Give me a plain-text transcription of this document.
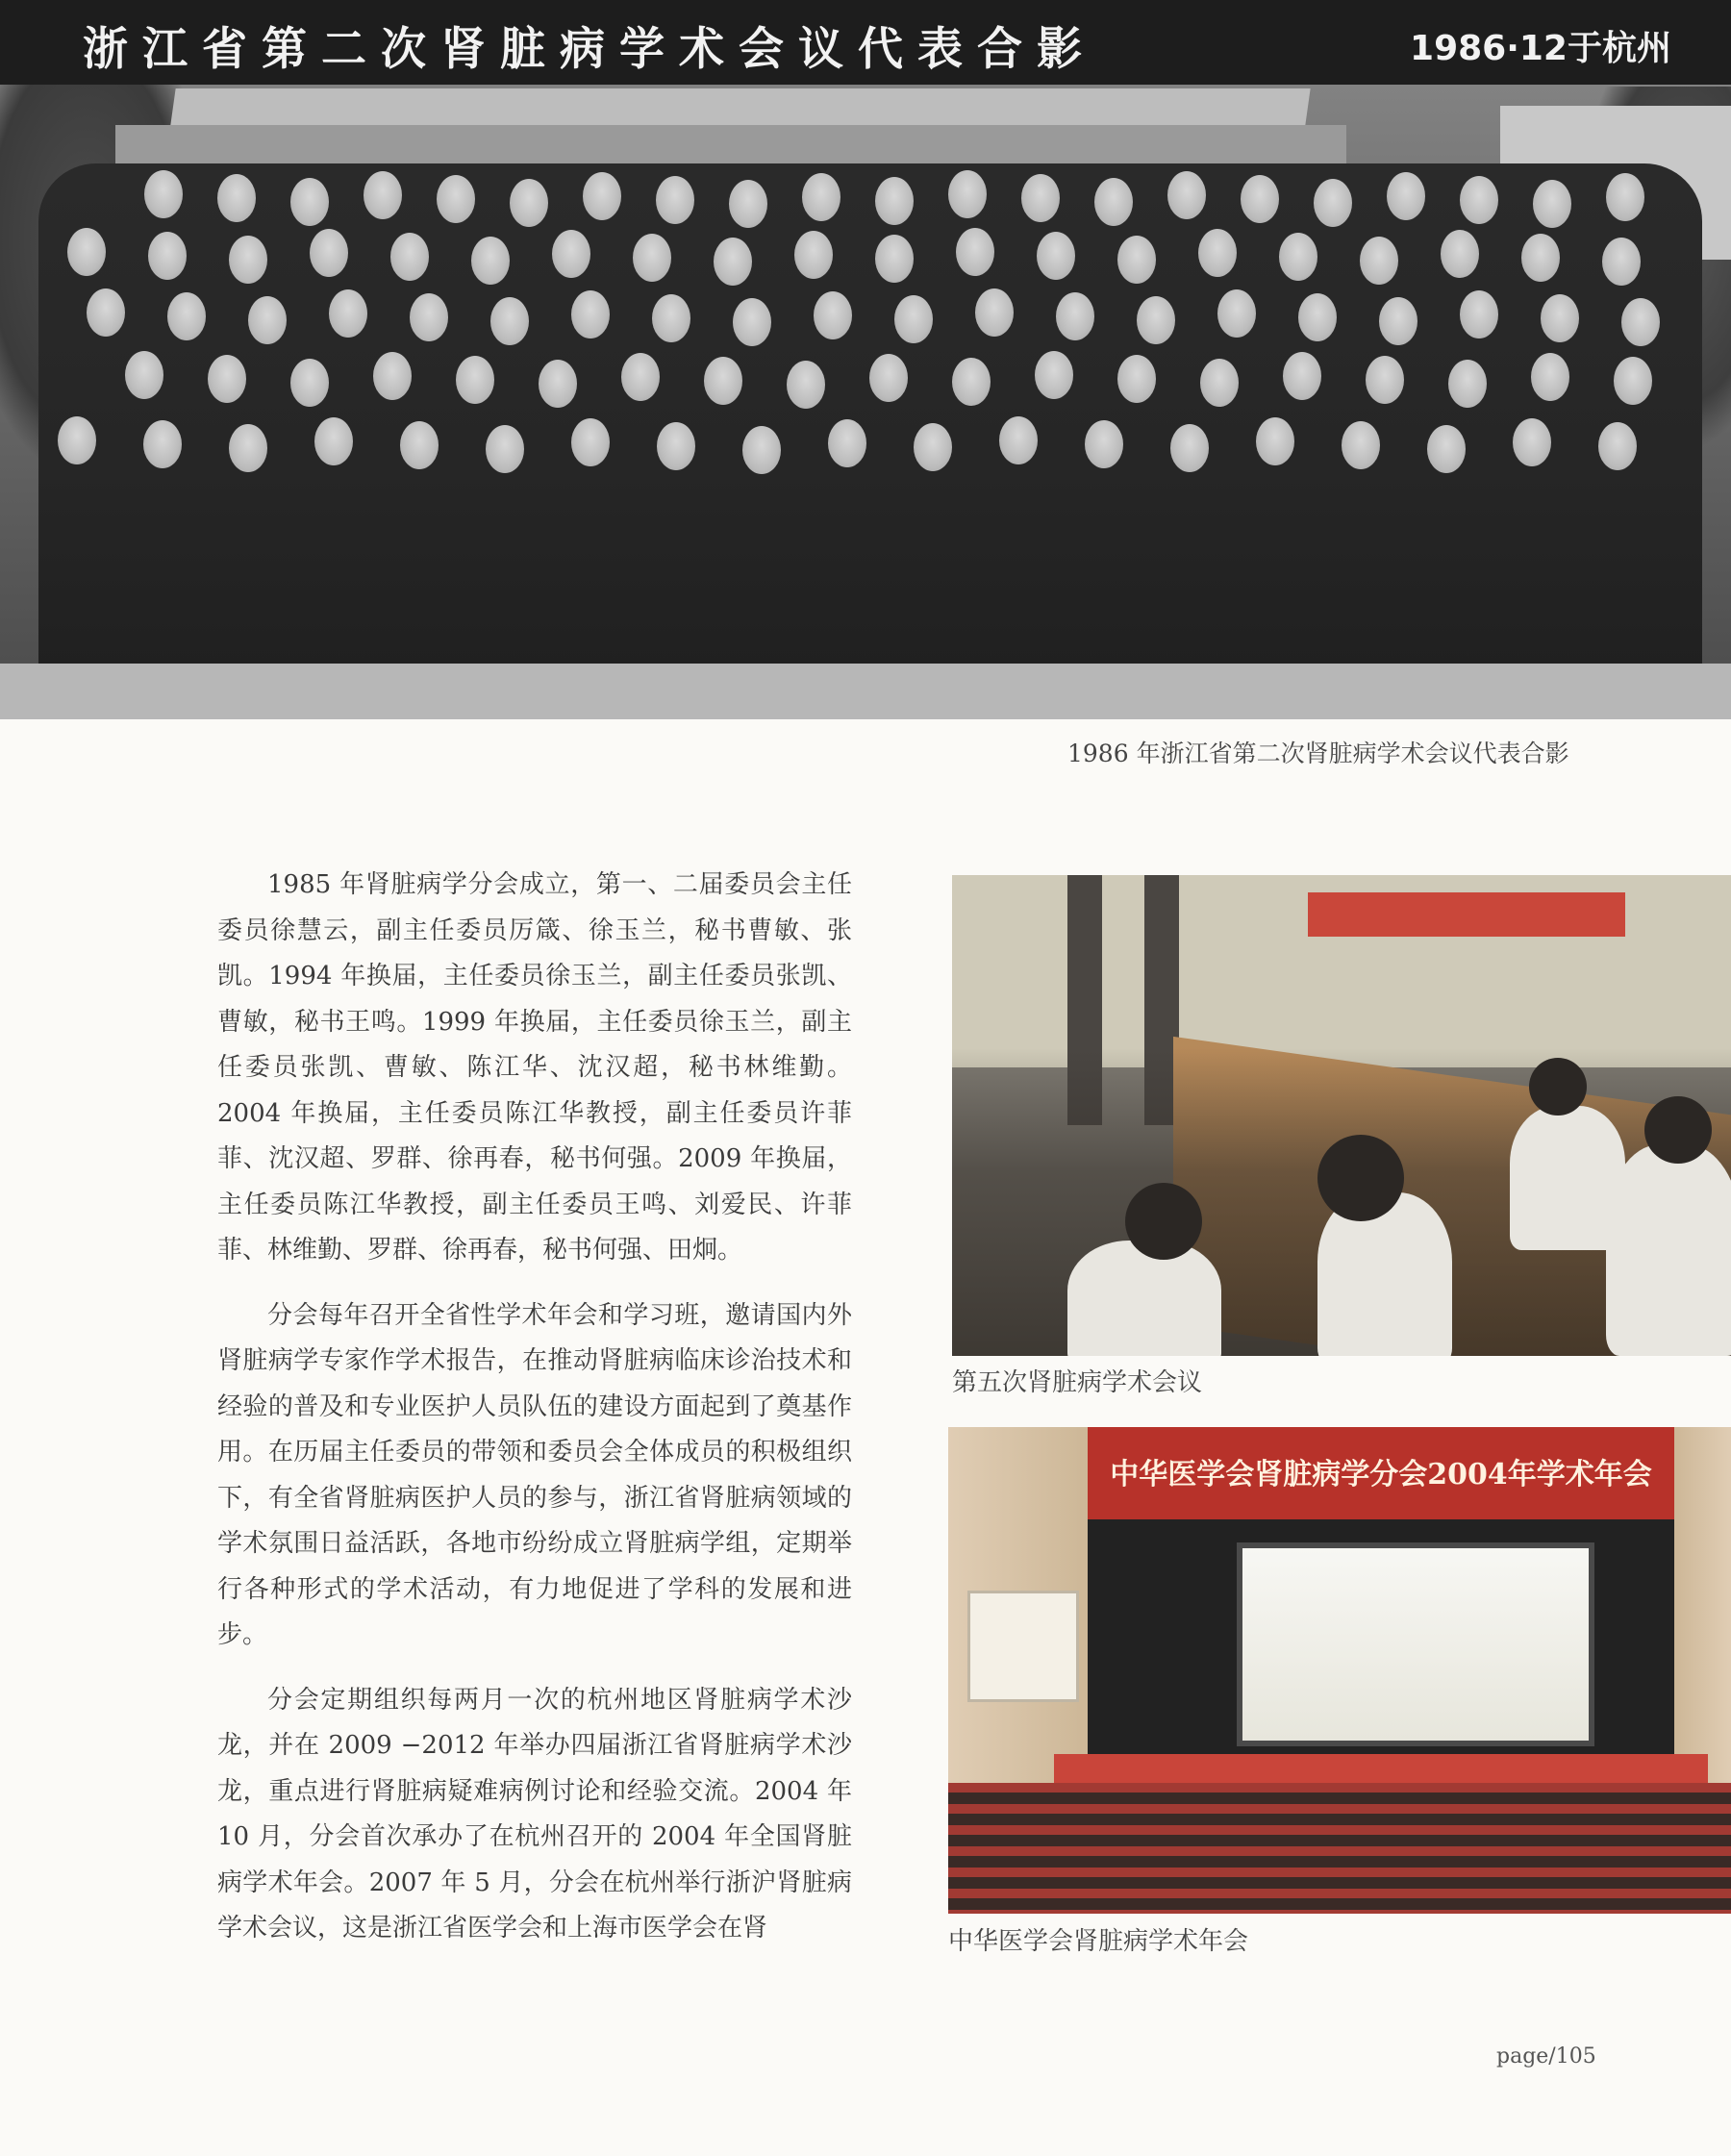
浙江省第二次肾脏病学术会议代表合影	1986·12于杭州
1986 年浙江省第二次肾脏病学术会议代表合影

1985 年肾脏病学分会成立，第一、二届委员会主任委员徐慧云，副主任委员厉箴、徐玉兰，秘书曹敏、张凯。1994 年换届，主任委员徐玉兰，副主任委员张凯、曹敏，秘书王鸣。1999 年换届，主任委员徐玉兰，副主任委员张凯、曹敏、陈江华、沈汉超，秘书林维勤。2004 年换届，主任委员陈江华教授，副主任委员许菲菲、沈汉超、罗群、徐再春，秘书何强。2009 年换届，主任委员陈江华教授，副主任委员王鸣、刘爱民、许菲菲、林维勤、罗群、徐再春，秘书何强、田炯。

分会每年召开全省性学术年会和学习班，邀请国内外肾脏病学专家作学术报告，在推动肾脏病临床诊治技术和经验的普及和专业医护人员队伍的建设方面起到了奠基作用。在历届主任委员的带领和委员会全体成员的积极组织下，有全省肾脏病医护人员的参与，浙江省肾脏病领域的学术氛围日益活跃，各地市纷纷成立肾脏病学组，定期举行各种形式的学术活动，有力地促进了学科的发展和进步。

分会定期组织每两月一次的杭州地区肾脏病学术沙龙，并在 2009 −2012 年举办四届浙江省肾脏病学术沙龙，重点进行肾脏病疑难病例讨论和经验交流。2004 年 10 月，分会首次承办了在杭州召开的 2004 年全国肾脏病学术年会。2007 年 5 月，分会在杭州举行浙沪肾脏病学术会议，这是浙江省医学会和上海市医学会在肾

第五次肾脏病学术会议
中华医学会肾脏病学分会2004年学术年会
中华医学会肾脏病学术年会
page/105
